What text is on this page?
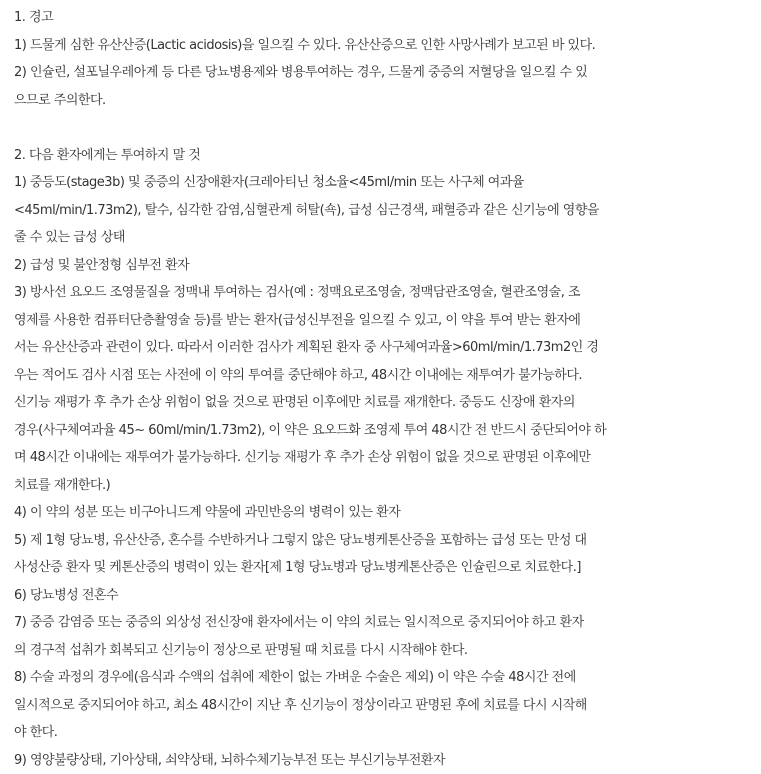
1. 경고
1) 드물게 심한 유산산증(Lactic acidosis)을 일으킬 수 있다. 유산산증으로 인한 사망사례가 보고된 바 있다.
2) 인슐린, 설포닐우레아계 등 다른 당뇨병용제와 병용투여하는 경우, 드물게 중증의 저혈당을 일으킬 수 있
으므로 주의한다.
2. 다음 환자에게는 투여하지 말 것
1) 중등도(stage3b) 및 중증의 신장애환자(크레아티닌 청소율<45ml/min 또는 사구체 여과율
<45ml/min/1.73m2), 탈수, 심각한 감염,심혈관계 허탈(쇽), 급성 심근경색, 패혈증과 같은 신기능에 영향을
줄 수 있는 급성 상태
2) 급성 및 불안정형 심부전 환자
3) 방사선 요오드 조영물질을 정맥내 투여하는 검사(예 : 정맥요로조영술, 정맥담관조영술, 혈관조영술, 조
영제를 사용한 컴퓨터단층촬영술 등)를 받는 환자(급성신부전을 일으킬 수 있고, 이 약을 투여 받는 환자에
서는 유산산증과 관련이 있다. 따라서 이러한 검사가 계획된 환자 중 사구체여과율>60ml/min/1.73m2인 경
우는 적어도 검사 시점 또는 사전에 이 약의 투여를 중단해야 하고, 48시간 이내에는 재투여가 불가능하다.
신기능 재평가 후 추가 손상 위험이 없을 것으로 판명된 이후에만 치료를 재개한다. 중등도 신장애 환자의
경우(사구체여과율 45~ 60ml/min/1.73m2), 이 약은 요오드화 조영제 투여 48시간 전 반드시 중단되어야 하
며 48시간 이내에는 재투여가 불가능하다. 신기능 재평가 후 추가 손상 위험이 없을 것으로 판명된 이후에만
치료를 재개한다.)
4) 이 약의 성분 또는 비구아니드계 약물에 과민반응의 병력이 있는 환자
5) 제 1형 당뇨병, 유산산증, 혼수를 수반하거나 그렇지 않은 당뇨병케톤산증을 포함하는 급성 또는 만성 대
사성산증 환자 및 케톤산증의 병력이 있는 환자[제 1형 당뇨병과 당뇨병케톤산증은 인슐린으로 치료한다.]
6) 당뇨병성 전혼수
7) 중증 감염증 또는 중증의 외상성 전신장애 환자에서는 이 약의 치료는 일시적으로 중지되어야 하고 환자
의 경구적 섭취가 회복되고 신기능이 정상으로 판명될 때 치료를 다시 시작해야 한다.
8) 수술 과정의 경우에(음식과 수액의 섭취에 제한이 없는 가벼운 수술은 제외) 이 약은 수술 48시간 전에
일시적으로 중지되어야 하고, 최소 48시간이 지난 후 신기능이 정상이라고 판명된 후에 치료를 다시 시작해
야 한다.
9) 영양불량상태, 기아상태, 쇠약상태, 뇌하수체기능부전 또는 부신기능부전환자
